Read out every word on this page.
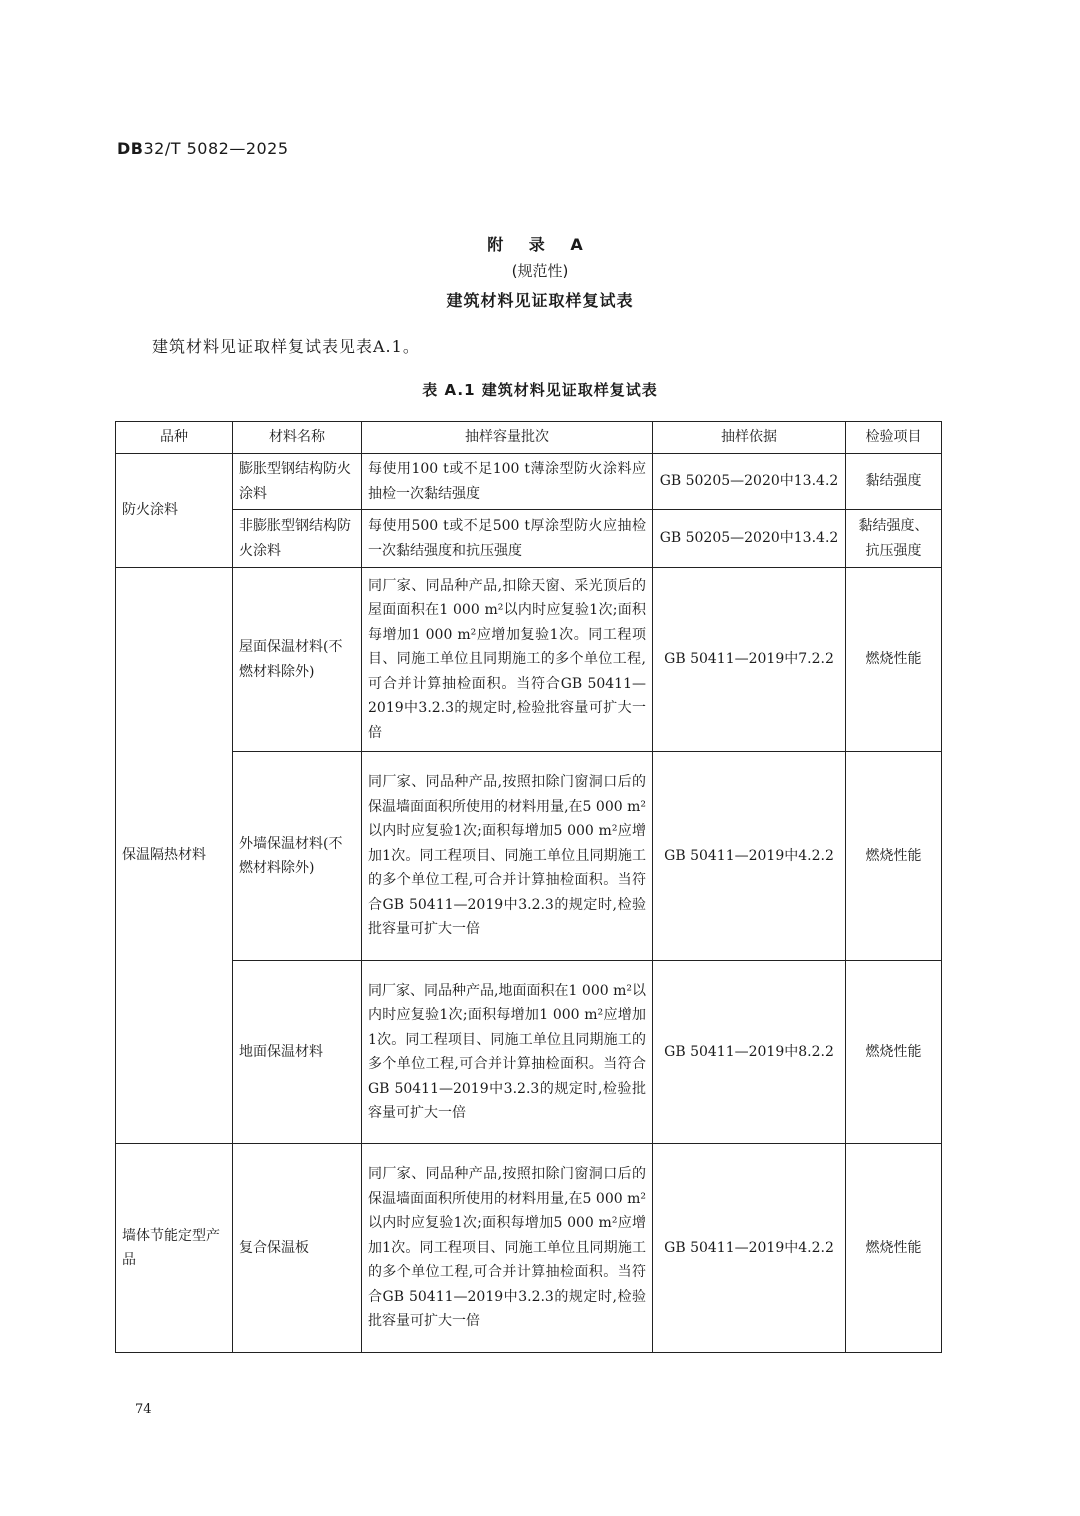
DB32/T 5082—2025
附 录 A
(规范性)
建筑材料见证取样复试表
建筑材料见证取样复试表见表A.1。
表 A.1 建筑材料见证取样复试表
品种	材料名称	抽样容量批次	抽样依据	检验项目
防火涂料	膨胀型钢结构防火涂料	每使用100 t或不足100 t薄涂型防火涂料应抽检一次黏结强度	GB 50205—2020中13.4.2	黏结强度
	非膨胀型钢结构防火涂料	每使用500 t或不足500 t厚涂型防火应抽检一次黏结强度和抗压强度	GB 50205—2020中13.4.2	黏结强度、抗压强度
保温隔热材料	屋面保温材料(不燃材料除外)	同厂家、同品种产品,扣除天窗、采光顶后的屋面面积在1 000 m²以内时应复验1次;面积每增加1 000 m²应增加复验1次。同工程项目、同施工单位且同期施工的多个单位工程,可合并计算抽检面积。当符合GB 50411—2019中3.2.3的规定时,检验批容量可扩大一倍	GB 50411—2019中7.2.2	燃烧性能
	外墙保温材料(不燃材料除外)	同厂家、同品种产品,按照扣除门窗洞口后的保温墙面面积所使用的材料用量,在5 000 m²以内时应复验1次;面积每增加5 000 m²应增加1次。同工程项目、同施工单位且同期施工的多个单位工程,可合并计算抽检面积。当符合GB 50411—2019中3.2.3的规定时,检验批容量可扩大一倍	GB 50411—2019中4.2.2	燃烧性能
	地面保温材料	同厂家、同品种产品,地面面积在1 000 m²以内时应复验1次;面积每增加1 000 m²应增加1次。同工程项目、同施工单位且同期施工的多个单位工程,可合并计算抽检面积。当符合GB 50411—2019中3.2.3的规定时,检验批容量可扩大一倍	GB 50411—2019中8.2.2	燃烧性能
墙体节能定型产品	复合保温板	同厂家、同品种产品,按照扣除门窗洞口后的保温墙面面积所使用的材料用量,在5 000 m²以内时应复验1次;面积每增加5 000 m²应增加1次。同工程项目、同施工单位且同期施工的多个单位工程,可合并计算抽检面积。当符合GB 50411—2019中3.2.3的规定时,检验批容量可扩大一倍	GB 50411—2019中4.2.2	燃烧性能
74
